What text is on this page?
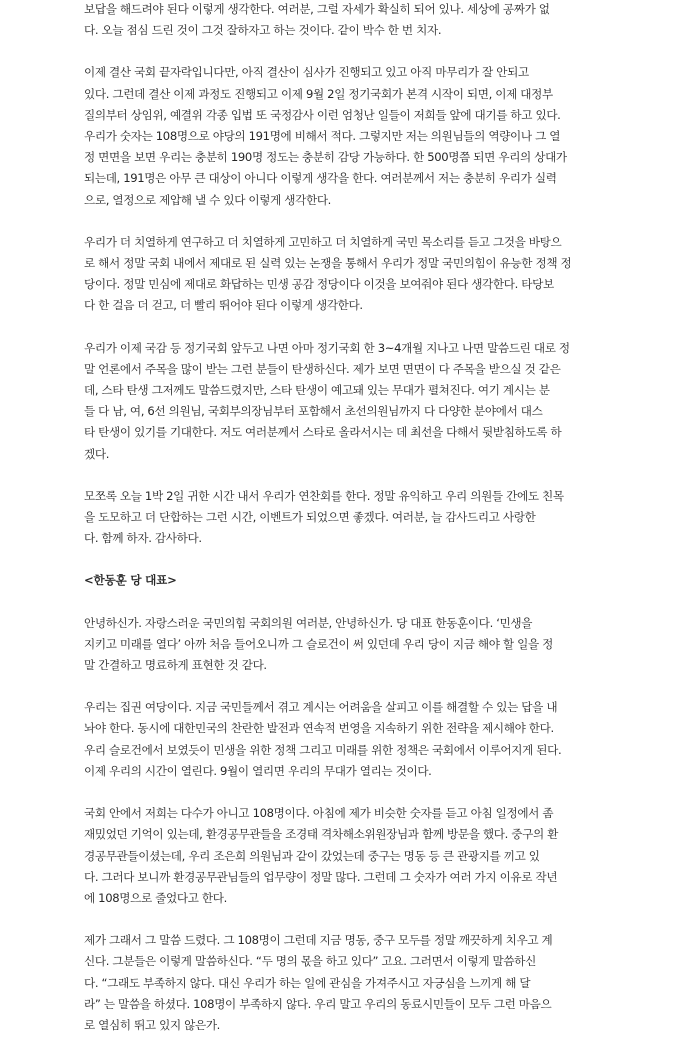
보답을 해드려야 된다 이렇게 생각한다. 여러분, 그럴 자세가 확실히 되어 있나. 세상에 공짜가 없
다. 오늘 점심 드린 것이 그것 잘하자고 하는 것이다. 같이 박수 한 번 치자.
이제 결산 국회 끝자락입니다만, 아직 결산이 심사가 진행되고 있고 아직 마무리가 잘 안되고
있다. 그런데 결산 이제 과정도 진행되고 이제 9월 2일 정기국회가 본격 시작이 되면, 이제 대정부
질의부터 상임위, 예결위 각종 입법 또 국정감사 이런 엄청난 일들이 저희들 앞에 대기를 하고 있다.
우리가 숫자는 108명으로 야당의 191명에 비해서 적다. 그렇지만 저는 의원님들의 역량이나 그 열
정 면면을 보면 우리는 충분히 190명 정도는 충분히 감당 가능하다. 한 500명쯤 되면 우리의 상대가
되는데, 191명은 아무 큰 대상이 아니다 이렇게 생각을 한다. 여러분께서 저는 충분히 우리가 실력
으로, 열정으로 제압해 낼 수 있다 이렇게 생각한다.
우리가 더 치열하게 연구하고 더 치열하게 고민하고 더 치열하게 국민 목소리를 듣고 그것을 바탕으
로 해서 정말 국회 내에서 제대로 된 실력 있는 논쟁을 통해서 우리가 정말 국민의힘이 유능한 정책 정
당이다. 정말 민심에 제대로 화답하는 민생 공감 정당이다 이것을 보여줘야 된다 생각한다. 타당보
다 한 걸음 더 걷고, 더 빨리 뛰어야 된다 이렇게 생각한다.
우리가 이제 국감 등 정기국회 앞두고 나면 아마 정기국회 한 3~4개월 지나고 나면 말씀드린 대로 정
말 언론에서 주목을 많이 받는 그런 분들이 탄생하신다. 제가 보면 면면이 다 주목을 받으실 것 같은
데, 스타 탄생 그저께도 말씀드렸지만, 스타 탄생이 예고돼 있는 무대가 펼쳐진다. 여기 계시는 분
들 다 남, 여, 6선 의원님, 국회부의장님부터 포함해서 초선의원님까지 다 다양한 분야에서 대스
타 탄생이 있기를 기대한다. 저도 여러분께서 스타로 올라서시는 데 최선을 다해서 뒷받침하도록 하
겠다.
모쪼록 오늘 1박 2일 귀한 시간 내서 우리가 연찬회를 한다. 정말 유익하고 우리 의원들 간에도 친목
을 도모하고 더 단합하는 그런 시간, 이벤트가 되었으면 좋겠다. 여러분, 늘 감사드리고 사랑한
다. 함께 하자. 감사하다.
<한동훈 당 대표>
안녕하신가. 자랑스러운 국민의힘 국회의원 여러분, 안녕하신가. 당 대표 한동훈이다. ‘민생을
지키고 미래를 열다’ 아까 처음 들어오니까 그 슬로건이 써 있던데 우리 당이 지금 해야 할 일을 정
말 간결하고 명료하게 표현한 것 같다.
우리는 집권 여당이다. 지금 국민들께서 겪고 계시는 어려움을 살피고 이를 해결할 수 있는 답을 내
놔야 한다. 동시에 대한민국의 찬란한 발전과 연속적 번영을 지속하기 위한 전략을 제시해야 한다.
우리 슬로건에서 보였듯이 민생을 위한 정책 그리고 미래를 위한 정책은 국회에서 이루어지게 된다.
이제 우리의 시간이 열린다. 9월이 열리면 우리의 무대가 열리는 것이다.
국회 안에서 저희는 다수가 아니고 108명이다. 아침에 제가 비슷한 숫자를 듣고 아침 일정에서 좀
재밌었던 기억이 있는데, 환경공무관들을 조경태 격차해소위원장님과 함께 방문을 했다. 중구의 환
경공무관들이셨는데, 우리 조은희 의원님과 같이 갔었는데 중구는 명동 등 큰 관광지를 끼고 있
다. 그러다 보니까 환경공무관님들의 업무량이 정말 많다. 그런데 그 숫자가 여러 가지 이유로 작년
에 108명으로 줄었다고 한다.
제가 그래서 그 말씀 드렸다. 그 108명이 그런데 지금 명동, 중구 모두를 정말 깨끗하게 치우고 계
신다. 그분들은 이렇게 말씀하신다. “두 명의 몫을 하고 있다” 고요. 그러면서 이렇게 말씀하신
다. “그래도 부족하지 않다. 대신 우리가 하는 일에 관심을 가져주시고 자긍심을 느끼게 해 달
라” 는 말씀을 하셨다. 108명이 부족하지 않다. 우리 말고 우리의 동료시민들이 모두 그런 마음으
로 열심히 뛰고 있지 않은가.
